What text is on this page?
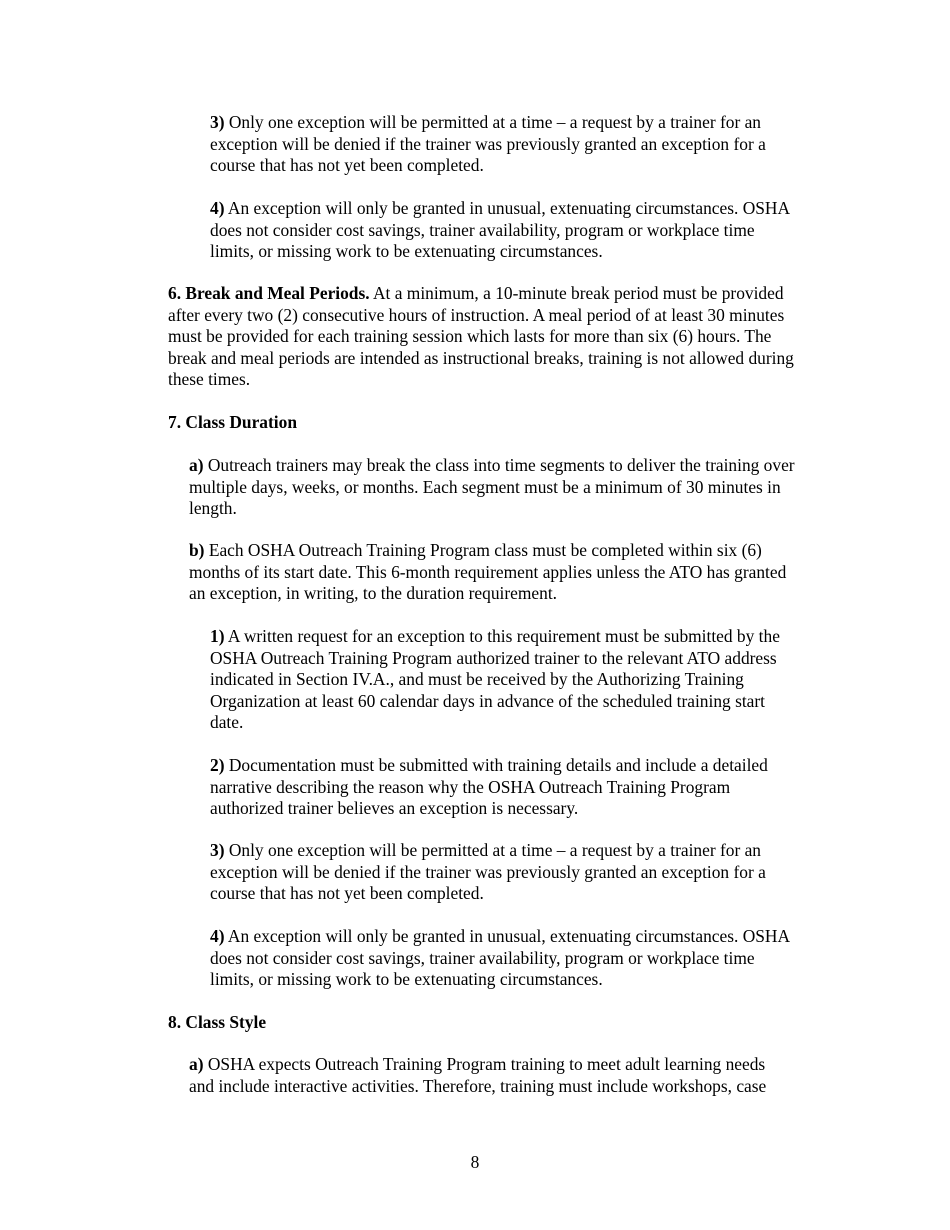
3) Only one exception will be permitted at a time – a request by a trainer for an
exception will be denied if the trainer was previously granted an exception for a
course that has not yet been completed.

4) An exception will only be granted in unusual, extenuating circumstances. OSHA
does not consider cost savings, trainer availability, program or workplace time
limits, or missing work to be extenuating circumstances.

6. Break and Meal Periods. At a minimum, a 10-minute break period must be provided
after every two (2) consecutive hours of instruction. A meal period of at least 30 minutes
must be provided for each training session which lasts for more than six (6) hours. The
break and meal periods are intended as instructional breaks, training is not allowed during
these times.

7. Class Duration

a) Outreach trainers may break the class into time segments to deliver the training over
multiple days, weeks, or months. Each segment must be a minimum of 30 minutes in
length.

b) Each OSHA Outreach Training Program class must be completed within six (6)
months of its start date. This 6-month requirement applies unless the ATO has granted
an exception, in writing, to the duration requirement.

1) A written request for an exception to this requirement must be submitted by the
OSHA Outreach Training Program authorized trainer to the relevant ATO address
indicated in Section IV.A., and must be received by the Authorizing Training
Organization at least 60 calendar days in advance of the scheduled training start
date.

2) Documentation must be submitted with training details and include a detailed
narrative describing the reason why the OSHA Outreach Training Program
authorized trainer believes an exception is necessary.

3) Only one exception will be permitted at a time – a request by a trainer for an
exception will be denied if the trainer was previously granted an exception for a
course that has not yet been completed.

4) An exception will only be granted in unusual, extenuating circumstances. OSHA
does not consider cost savings, trainer availability, program or workplace time
limits, or missing work to be extenuating circumstances.

8. Class Style

a) OSHA expects Outreach Training Program training to meet adult learning needs
and include interactive activities. Therefore, training must include workshops, case

8
